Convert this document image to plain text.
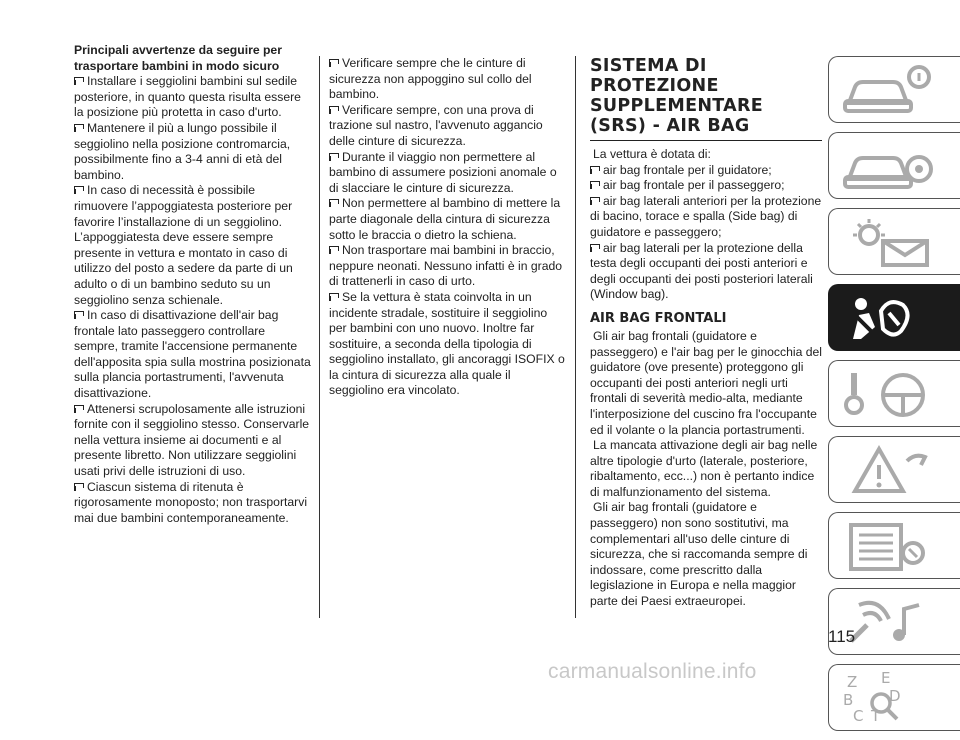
Principali avvertenze da seguire per trasportare bambini in modo sicuro

Installare i seggiolini bambini sul sedile posteriore, in quanto questa risulta essere la posizione più protetta in caso d'urto.

Mantenere il più a lungo possibile il seggiolino nella posizione contromarcia, possibilmente fino a 3-4 anni di età del bambino.

In caso di necessità è possibile rimuovere l’appoggiatesta posteriore per favorire l’installazione di un seggiolino. L’appoggiatesta deve essere sempre presente in vettura e montato in caso di utilizzo del posto a sedere da parte di un adulto o di un bambino seduto su un seggiolino senza schienale.

In caso di disattivazione dell'air bag frontale lato passeggero controllare sempre, tramite l'accensione permanente dell'apposita spia sulla mostrina posizionata sulla plancia portastrumenti, l'avvenuta disattivazione.

Attenersi scrupolosamente alle istruzioni fornite con il seggiolino stesso. Conservarle nella vettura insieme ai documenti e al presente libretto. Non utilizzare seggiolini usati privi delle istruzioni di uso.

Ciascun sistema di ritenuta è rigorosamente monoposto; non trasportarvi mai due bambini contemporaneamente.

Verificare sempre che le cinture di sicurezza non appoggino sul collo del bambino.

Verificare sempre, con una prova di trazione sul nastro, l'avvenuto aggancio delle cinture di sicurezza.

Durante il viaggio non permettere al bambino di assumere posizioni anomale o di slacciare le cinture di sicurezza.

Non permettere al bambino di mettere la parte diagonale della cintura di sicurezza sotto le braccia o dietro la schiena.

Non trasportare mai bambini in braccio, neppure neonati. Nessuno infatti è in grado di trattenerli in caso di urto.

Se la vettura è stata coinvolta in un incidente stradale, sostituire il seggiolino per bambini con uno nuovo. Inoltre far sostituire, a seconda della tipologia di seggiolino installato, gli ancoraggi ISOFIX o la cintura di sicurezza alla quale il seggiolino era vincolato.

SISTEMA DI PROTEZIONE SUPPLEMENTARE (SRS) - AIR BAG

La vettura è dotata di:

air bag frontale per il guidatore;

air bag frontale per il passeggero;

air bag laterali anteriori per la protezione di bacino, torace e spalla (Side bag) di guidatore e passeggero;

air bag laterali per la protezione della testa degli occupanti dei posti anteriori e degli occupanti dei posti posteriori laterali (Window bag).

AIR BAG FRONTALI

Gli air bag frontali (guidatore e passeggero) e l'air bag per le ginocchia del guidatore (ove presente) proteggono gli occupanti dei posti anteriori negli urti frontali di severità medio-alta, mediante l'interposizione del cuscino fra l'occupante ed il volante o la plancia portastrumenti.

La mancata attivazione degli air bag nelle altre tipologie d'urto (laterale, posteriore, ribaltamento, ecc...) non è pertanto indice di malfunzionamento del sistema.

Gli air bag frontali (guidatore e passeggero) non sono sostitutivi, ma complementari all'uso delle cinture di sicurezza, che si raccomanda sempre di indossare, come prescritto dalla legislazione in Europa e nella maggior parte dei Paesi extraeuropei.

Z E
B
C T
D
115
carmanualsonline.info
